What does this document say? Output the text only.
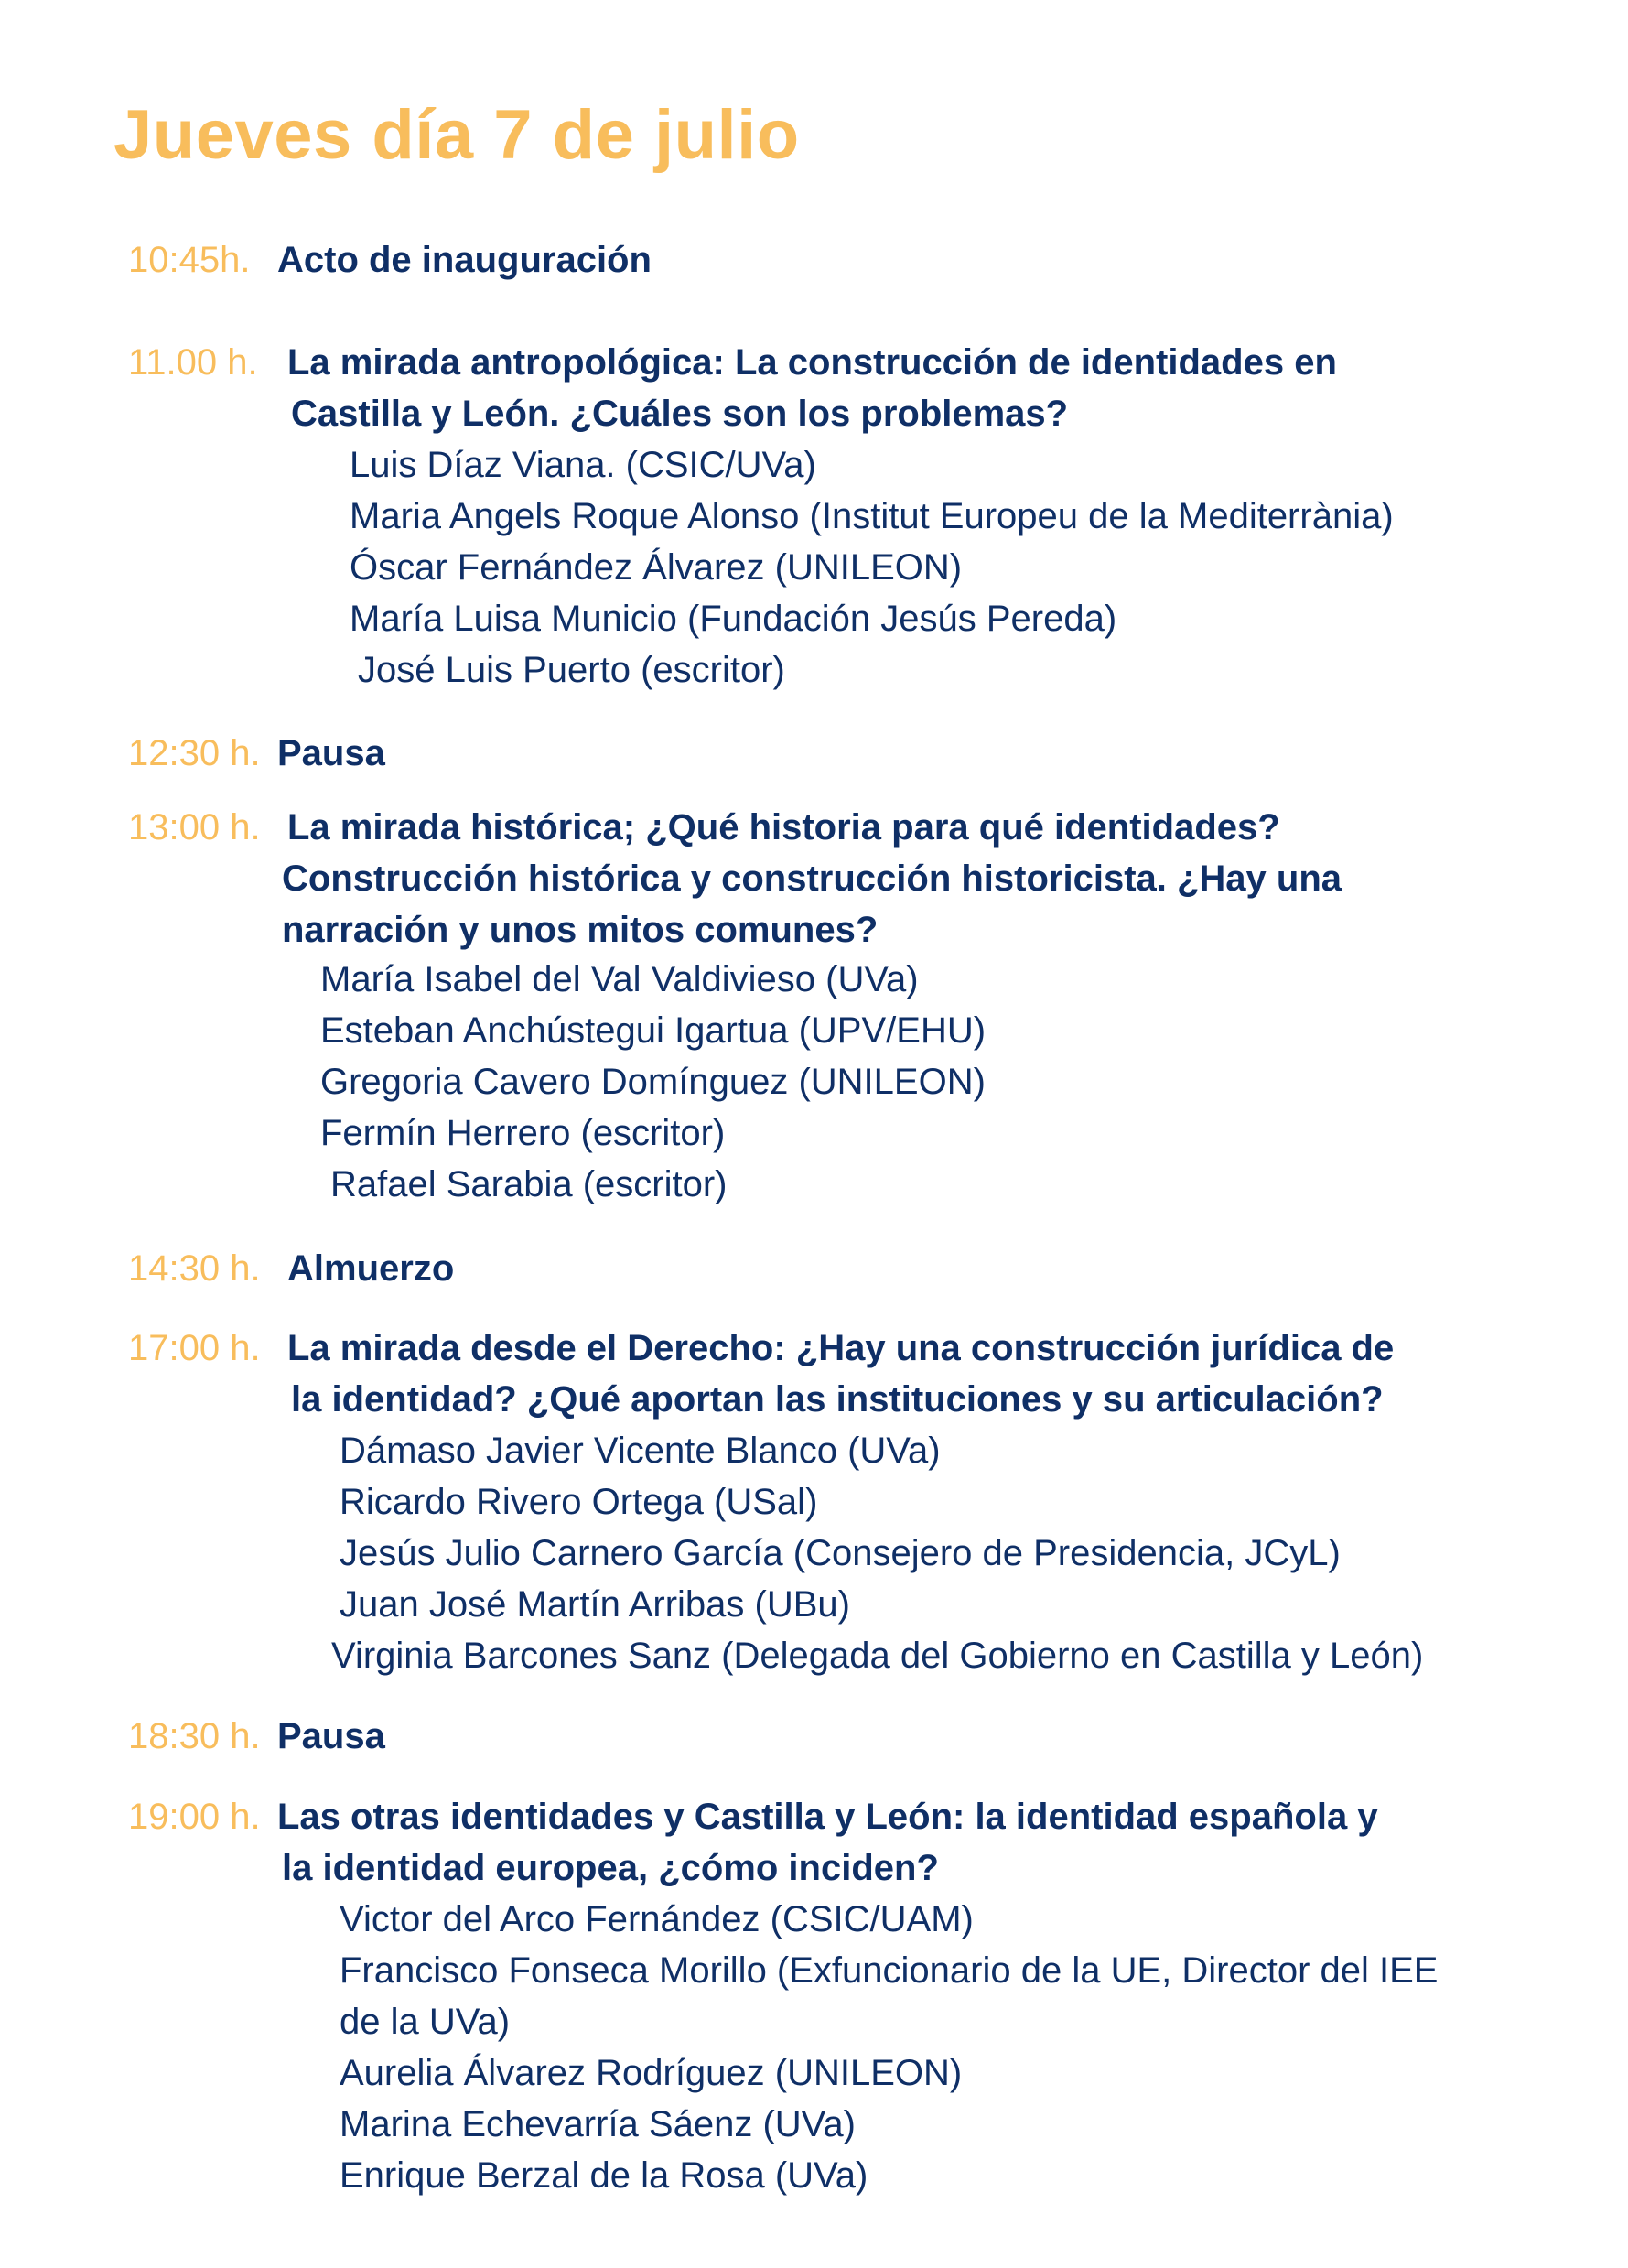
Jueves día 7 de julio
10:45h. Acto de inauguración
11.00 h. La mirada antropológica: La construcción de identidades en
Castilla y León. ¿Cuáles son los problemas?
Luis Díaz Viana. (CSIC/UVa)
Maria Angels Roque Alonso (Institut Europeu de la Mediterrània)
Óscar Fernández Álvarez (UNILEON)
María Luisa Municio (Fundación Jesús Pereda)
José Luis Puerto (escritor)
12:30 h. Pausa
13:00 h. La mirada histórica; ¿Qué historia para qué identidades?
Construcción histórica y construcción historicista. ¿Hay una
narración y unos mitos comunes?
María Isabel del Val Valdivieso (UVa)
Esteban Anchústegui Igartua (UPV/EHU)
Gregoria Cavero Domínguez (UNILEON)
Fermín Herrero (escritor)
Rafael Sarabia (escritor)
14:30 h. Almuerzo
17:00 h. La mirada desde el Derecho: ¿Hay una construcción jurídica de
la identidad? ¿Qué aportan las instituciones y su articulación?
Dámaso Javier Vicente Blanco (UVa)
Ricardo Rivero Ortega (USal)
Jesús Julio Carnero García (Consejero de Presidencia, JCyL)
Juan José Martín Arribas (UBu)
Virginia Barcones Sanz (Delegada del Gobierno en Castilla y León)
18:30 h. Pausa
19:00 h. Las otras identidades y Castilla y León: la identidad española y
la identidad europea, ¿cómo inciden?
Victor del Arco Fernández (CSIC/UAM)
Francisco Fonseca Morillo (Exfuncionario de la UE, Director del IEE
de la UVa)
Aurelia Álvarez Rodríguez (UNILEON)
Marina Echevarría Sáenz (UVa)
Enrique Berzal de la Rosa (UVa)
